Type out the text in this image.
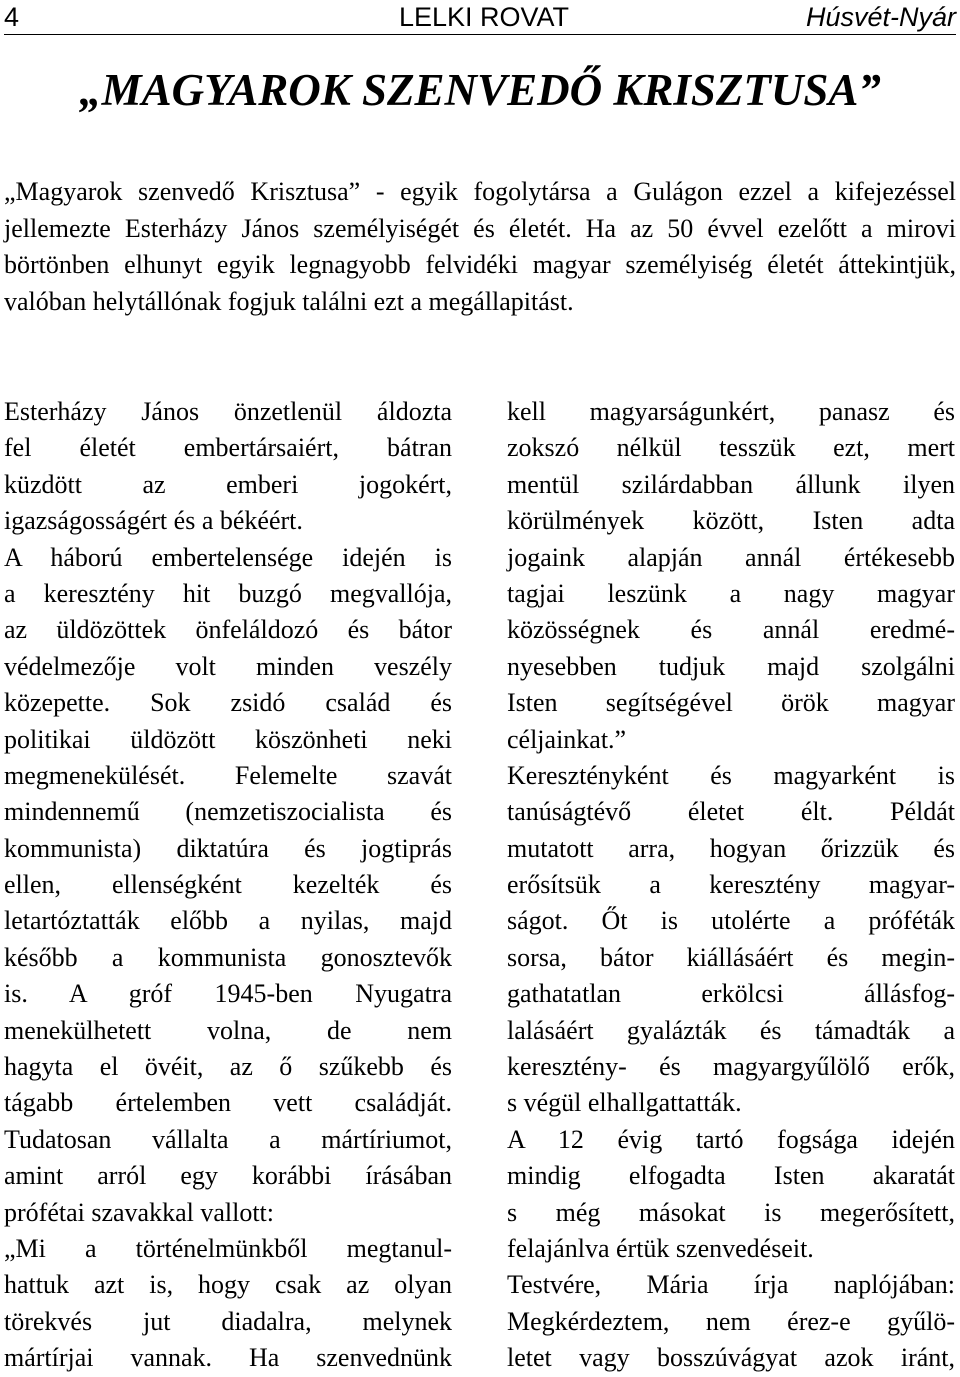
4	LELKI ROVAT	Húsvét-Nyár
„MAGYAROK SZENVEDŐ KRISZTUSA”

„Magyarok szenvedő Krisztusa” - egyik fogolytársa a Gulágon ezzel a kifejezéssel jellemezte Esterházy János személyiségét és életét. Ha az 50 évvel ezelőtt a mirovi börtönben elhunyt egyik legnagyobb felvidéki magyar személyiség életét áttekintjük, valóban helytállónak fogjuk találni ezt a megállapitást.

Esterházy János önzetlenül áldozta
fel életét embertársaiért, bátran
küzdött az emberi jogokért,
igazságosságért és a békéért.
A háború embertelensége idején is
a keresztény hit buzgó megvallója,
az üldözöttek önfeláldozó és bátor
védelmezője volt minden veszély
közepette. Sok zsidó család és
politikai üldözött köszönheti neki
megmenekülését. Felemelte szavát
mindennemű (nemzetiszocialista és
kommunista) diktatúra és jogtiprás
ellen, ellenségként kezelték és
letartóztatták előbb a nyilas, majd
később a kommunista gonosztevők
is. A gróf 1945-ben Nyugatra
menekülhetett volna, de nem
hagyta el övéit, az ő szűkebb és
tágabb értelemben vett családját.
Tudatosan vállalta a mártíriumot,
amint arról egy korábbi írásában
prófétai szavakkal vallott:
„Mi a történelmünkből megtanul-
hattuk azt is, hogy csak az olyan
törekvés jut diadalra, melynek
mártírjai vannak. Ha szenvednünk
kell magyarságunkért, panasz és
zokszó nélkül tesszük ezt, mert
mentül szilárdabban állunk ilyen
körülmények között, Isten adta
jogaink alapján annál értékesebb
tagjai leszünk a nagy magyar
közösségnek és annál eredmé-
nyesebben tudjuk majd szolgálni
Isten segítségével örök magyar
céljainkat.”
Keresztényként és magyarként is
tanúságtévő életet élt. Példát
mutatott arra, hogyan őrizzük és
erősítsük a keresztény magyar-
ságot. Őt is utolérte a próféták
sorsa, bátor kiállásáért és megin-
gathatatlan erkölcsi állásfog-
lalásáért gyalázták és támadták a
keresztény- és magyargyűlölő erők,
s végül elhallgattatták.
A 12 évig tartó fogsága idején
mindig elfogadta Isten akaratát
s még másokat is megerősített,
felajánlva értük szenvedéseit.
Testvére, Mária írja naplójában:
Megkérdeztem, nem érez-e gyűlö-
letet vagy bosszúvágyat azok iránt,
